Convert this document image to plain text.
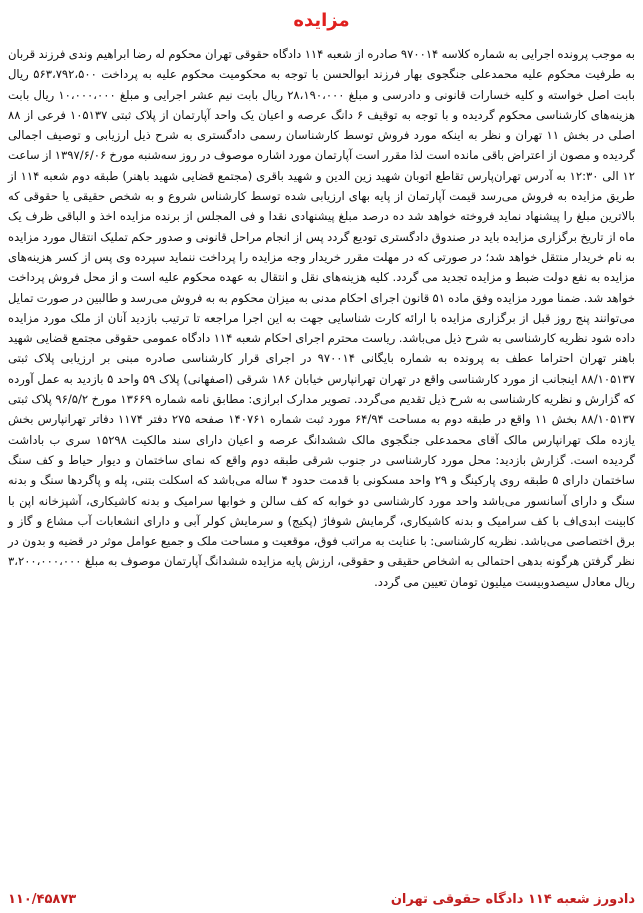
مزایده

به موجب پرونده اجرایی به شماره کلاسه ۹۷۰۰۱۴ صادره از شعبه ۱۱۴ دادگاه حقوقی تهران محکوم له رضا ابراهیم وندی فرزند قربان به طرفیت محکوم علیه محمدعلی جنگجوی بهار فرزند ابوالحسن با توجه به محکومیت محکوم علیه به پرداخت ۵۶۳،۷۹۲،۵۰۰ ریال بابت اصل خواسته و کلیه خسارات قانونی و دادرسی و مبلغ ۲۸،۱۹۰،۰۰۰ ریال بابت نیم عشر اجرایی و مبلغ ۱۰،۰۰۰،۰۰۰ ریال بابت هزینه‌های کارشناسی محکوم گردیده و با توجه به توقیف ۶ دانگ عرصه و اعیان یک واحد آپارتمان از پلاک ثبتی ۱۰۵۱۳۷ فرعی از ۸۸ اصلی در بخش ۱۱ تهران و نظر به اینکه مورد فروش توسط کارشناسان رسمی دادگستری به شرح ذیل ارزیابی و توصیف اجمالی گردیده و مصون از اعتراض باقی مانده است لذا مقرر است آپارتمان مورد اشاره موصوف در روز سه‌شنبه مورخ ۱۳۹۷/۶/۰۶ از ساعت ۱۲ الی ۱۲:۳۰ به آدرس تهران‌پارس تقاطع اتوبان شهید زین الدین و شهید باقری (مجتمع قضایی شهید باهنر) طبقه دوم شعبه ۱۱۴ از طریق مزایده به فروش می‌رسد قیمت آپارتمان از پایه بهای ارزیابی شده توسط کارشناس شروع و به شخص حقیقی یا حقوقی که بالاترین مبلغ را پیشنهاد نماید فروخته خواهد شد ده درصد مبلغ پیشنهادی نقدا و فی المجلس از برنده مزایده اخذ و الباقی ظرف یک ماه از تاریخ برگزاری مزایده باید در صندوق دادگستری تودیع گردد پس از انجام مراحل قانونی و صدور حکم تملیک انتقال مورد مزایده به نام خریدار منتقل خواهد شد؛ در صورتی که در مهلت مقرر خریدار وجه مزایده را پرداخت ننماید سپرده وی پس از کسر هزینه‌های مزایده به نفع دولت ضبط و مزایده تجدید می گردد. کلیه هزینه‌های نقل و انتقال به عهده محکوم علیه است و از محل فروش پرداخت خواهد شد. ضمنا مورد مزایده وفق ماده ۵۱ قانون اجرای احکام مدنی به میزان محکوم به به فروش می‌رسد و طالبین در صورت تمایل می‌توانند پنج روز قبل از برگزاری مزایده با ارائه کارت شناسایی جهت به این اجرا مراجعه تا ترتیب بازدید آنان از ملک مورد مزایده داده شود نظریه کارشناسی به شرح ذیل می‌باشد. ریاست محترم اجرای احکام شعبه ۱۱۴ دادگاه عمومی حقوقی مجتمع قضایی شهید باهنر تهران احتراما عطف به پرونده به شماره بایگانی ۹۷۰۰۱۴ در اجرای قرار کارشناسی صادره مبنی بر ارزیابی پلاک ثبتی ۸۸/۱۰۵۱۳۷ اینجانب از مورد کارشناسی واقع در تهران تهرانپارس خیابان ۱۸۶ شرقی (اصفهانی) پلاک ۵۹ واحد ۵ بازدید به عمل آورده که گزارش و نظریه کارشناسی به شرح ذیل تقدیم می‌گردد. تصویر مدارک ابرازی: مطابق نامه شماره ۱۳۶۶۹ مورخ ۹۶/۵/۲ پلاک ثبتی ۸۸/۱۰۵۱۳۷ بخش ۱۱ واقع در طبقه دوم به مساحت ۶۴/۹۴ مورد ثبت شماره ۱۴۰۷۶۱ صفحه ۲۷۵ دفتر ۱۱۷۴ دفاتر تهرانپارس بخش یازده ملک تهرانپارس مالک آقای محمدعلی جنگجوی مالک ششدانگ عرصه و اعیان دارای سند مالکیت ۱۵۲۹۸ سری ب باداشت گردیده است. گزارش بازدید: محل مورد کارشناسی در جنوب شرقی طبقه دوم واقع که نمای ساختمان و دیوار حیاط و کف سنگ ساختمان دارای ۵ طبقه روی پارکینگ و ۲۹ واحد مسکونی با قدمت حدود ۴ ساله می‌باشد که اسکلت بتنی، پله و پاگردها سنگ و بدنه سنگ و دارای آسانسور می‌باشد واحد مورد کارشناسی دو خوابه که کف سالن و خوابها سرامیک و بدنه کاشیکاری، آشپزخانه اپن با کابینت ابدی‌اف با کف سرامیک و بدنه کاشیکاری، گرمایش شوفاژ (پکیج) و سرمایش کولر آبی و دارای انشعابات آب مشاع و گاز و برق اختصاصی می‌باشد. نظریه کارشناسی: با عنایت به مراتب فوق، موقعیت و مساحت ملک و جمیع عوامل موثر در قضیه و بدون در نظر گرفتن هرگونه بدهی احتمالی به اشخاص حقیقی و حقوقی، ارزش پایه مزایده ششدانگ آپارتمان موصوف به مبلغ ۳،۲۰۰،۰۰۰،۰۰۰ ریال معادل سیصدوبیست میلیون تومان تعیین می گردد.

۱۱۰/۴۵۸۷۳	دادورز شعبه ۱۱۴ دادگاه حقوقی تهران
